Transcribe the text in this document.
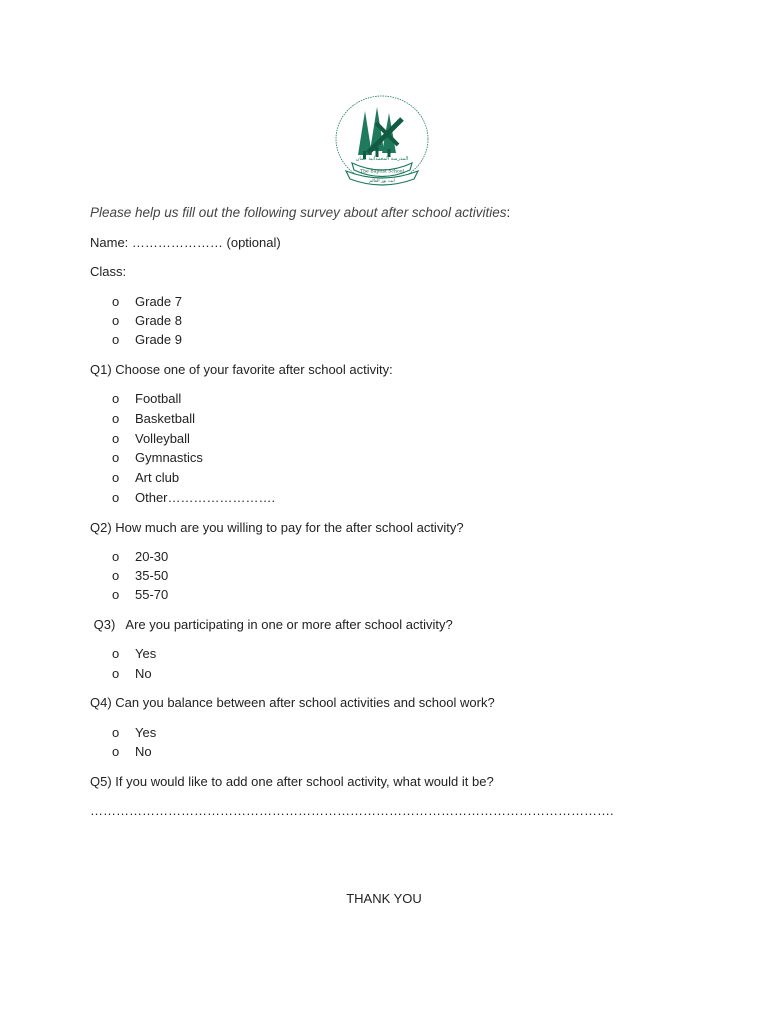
المدرسة المعمدانية عمان
The Baptist School
أنت نور العالم
Please help us fill out the following survey about after school activities:
Name: ………………… (optional)
Class:
o Grade 7
o Grade 8
o Grade 9
Q1) Choose one of your favorite after school activity:
o Football
o Basketball
o Volleyball
o Gymnastics
o Art club
o Other…………………….
Q2) How much are you willing to pay for the after school activity?
o 20-30
o 35-50
o 55-70
Q3)   Are you participating in one or more after school activity?
o Yes
o No
Q4) Can you balance between after school activities and school work?
o Yes
o No
Q5) If you would like to add one after school activity, what would it be?
………………………………………………………………………………………………………….
THANK YOU
